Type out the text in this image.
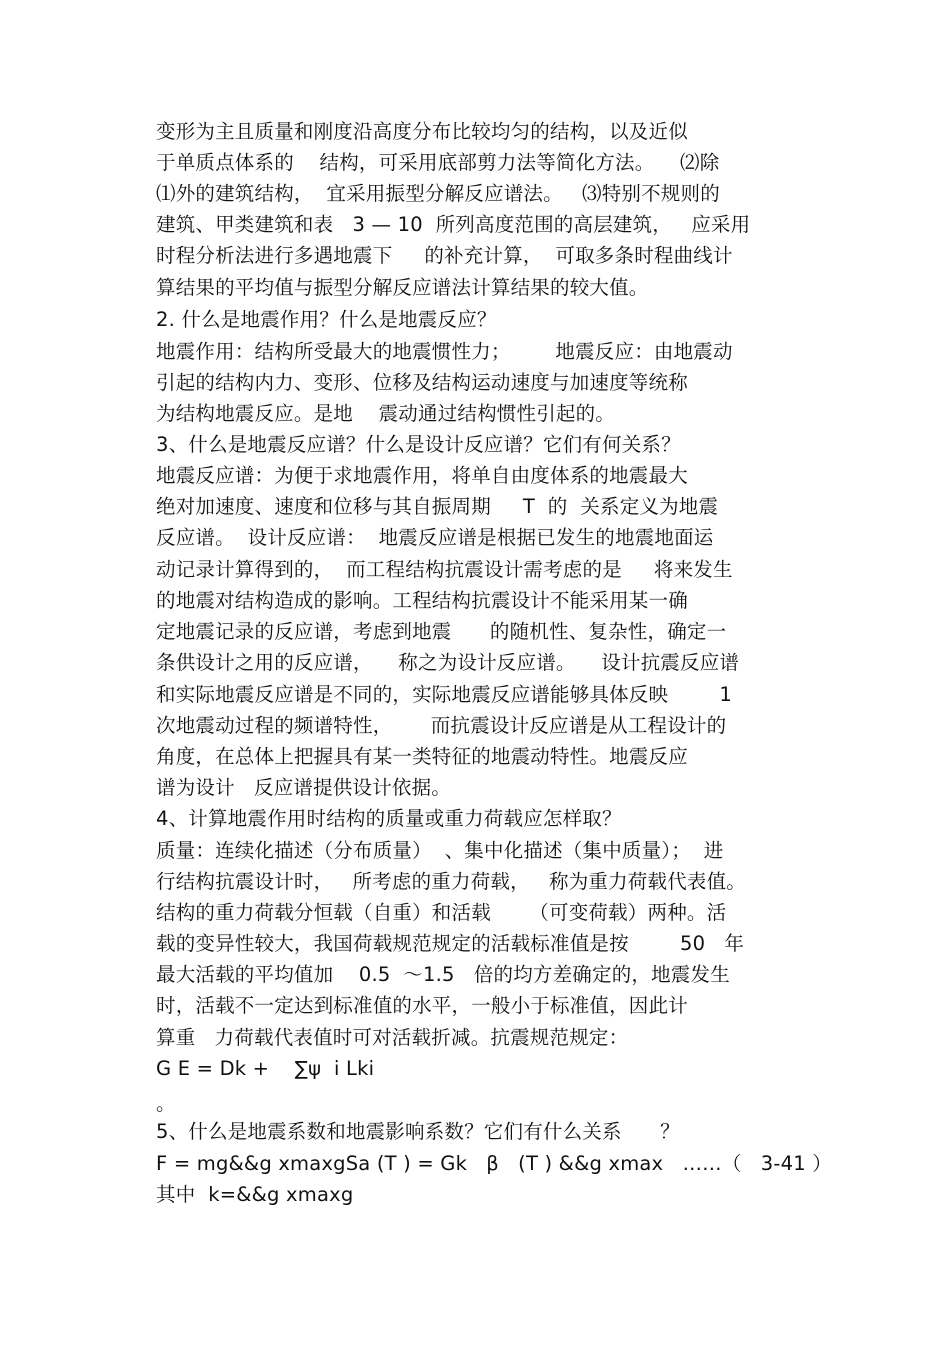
变形为主且质量和刚度沿高度分布比较均匀的结构，以及近似
于单质点体系的    结构，可采用底部剪力法等简化方法。    ⑵除
⑴外的建筑结构，  宜采用振型分解反应谱法。   ⑶特别不规则的
建筑、甲类建筑和表   3 — 10  所列高度范围的高层建筑，   应采用
时程分析法进行多遇地震下     的补充计算，  可取多条时程曲线计
算结果的平均值与振型分解反应谱法计算结果的较大值。
2. 什么是地震作用？什么是地震反应？
地震作用：结构所受最大的地震惯性力；       地震反应：由地震动
引起的结构内力、变形、位移及结构运动速度与加速度等统称
为结构地震反应。是地    震动通过结构惯性引起的。
3、什么是地震反应谱？什么是设计反应谱？它们有何关系？
地震反应谱：为便于求地震作用，将单自由度体系的地震最大
绝对加速度、速度和位移与其自振周期     T  的  关系定义为地震
反应谱。  设计反应谱：  地震反应谱是根据已发生的地震地面运
动记录计算得到的，  而工程结构抗震设计需考虑的是     将来发生
的地震对结构造成的影响。工程结构抗震设计不能采用某一确
定地震记录的反应谱，考虑到地震      的随机性、复杂性，确定一
条供设计之用的反应谱，    称之为设计反应谱。    设计抗震反应谱
和实际地震反应谱是不同的，实际地震反应谱能够具体反映        1
次地震动过程的频谱特性，      而抗震设计反应谱是从工程设计的
角度，在总体上把握具有某一类特征的地震动特性。地震反应
谱为设计   反应谱提供设计依据。
4、计算地震作用时结构的质量或重力荷载应怎样取？
质量：连续化描述（分布质量）  、集中化描述（集中质量）；  进
行结构抗震设计时，   所考虑的重力荷载，   称为重力荷载代表值。
结构的重力荷载分恒载（自重）和活载      （可变荷载）两种。活
载的变异性较大，我国荷载规范规定的活载标准值是按        50   年
最大活载的平均值加    0.5  ～1.5   倍的均方差确定的，地震发生
时，活载不一定达到标准值的水平，一般小于标准值，因此计
算重   力荷载代表值时可对活载折减。抗震规范规定：
G E = Dk +    ∑ψ  i Lki
。
5、什么是地震系数和地震影响系数？它们有什么关系      ？
F = mg&&g xmaxgSa (T ) = Gk   β   (T ) &&g xmax   ……（   3-41 ）
其中  k=&&g xmaxg
